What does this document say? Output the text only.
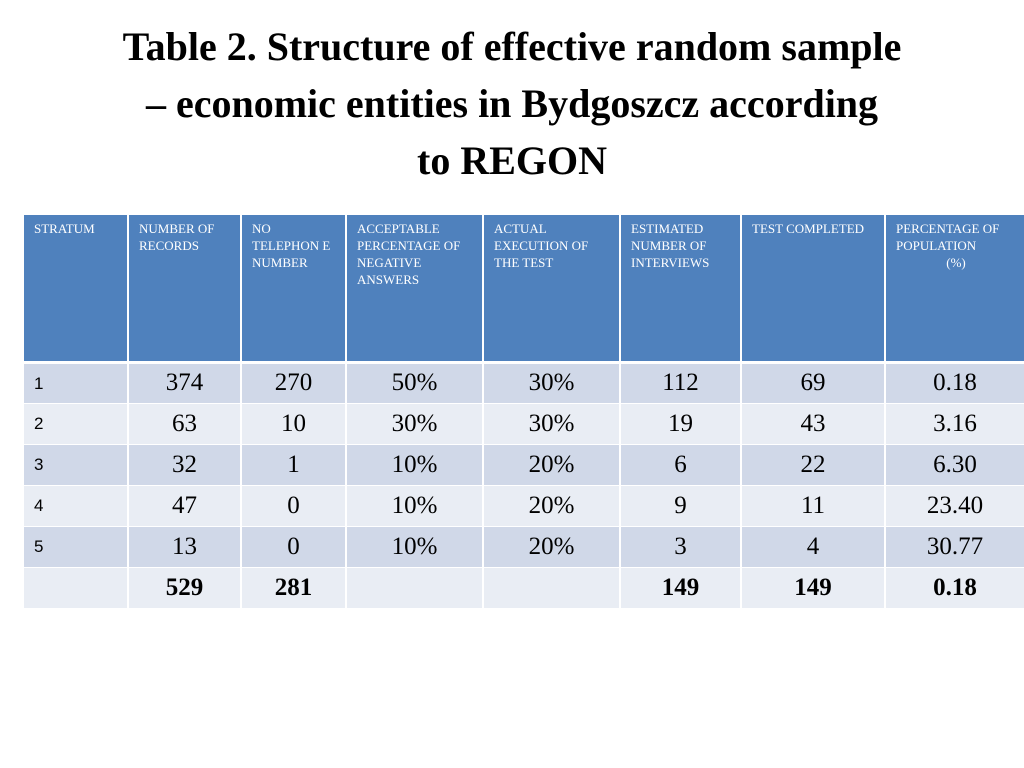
Table 2. Structure of effective random sample
– economic entities in Bydgoszcz according
to REGON
STRATUM	NUMBER OF RECORDS	NO TELEPHON E NUMBER	ACCEPTABLE PERCENTAGE OF NEGATIVE ANSWERS	ACTUAL EXECUTION OF THE TEST	ESTIMATED NUMBER OF INTERVIEWS	TEST COMPLETED	PERCENTAGE OF POPULATION
(%)

1	374	270	50%	30%	112	69	0.18
2	63	10	30%	30%	19	43	3.16
3	32	1	10%	20%	6	22	6.30
4	47	0	10%	20%	9	11	23.40
5	13	0	10%	20%	3	4	30.77
	529	281			149	149	0.18
